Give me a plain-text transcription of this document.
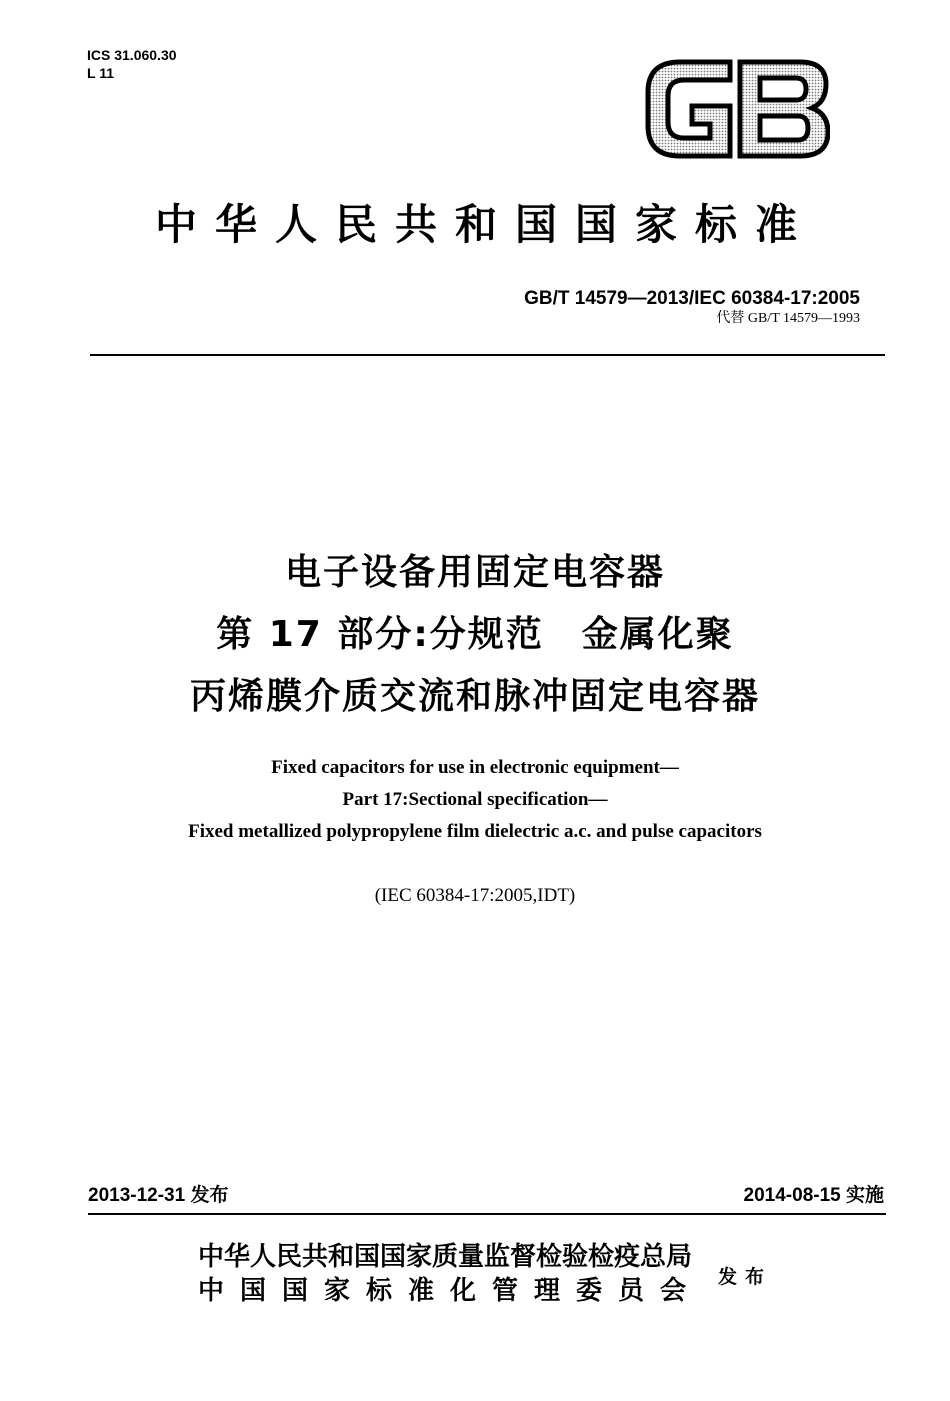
ICS 31.060.30
L 11
中华人民共和国国家标准
GB/T 14579—2013/IEC 60384-17:2005
代替 GB/T 14579—1993
电子设备用固定电容器
第 17 部分:分规范　金属化聚
丙烯膜介质交流和脉冲固定电容器
Fixed capacitors for use in electronic equipment—
Part 17:Sectional specification—
Fixed metallized polypropylene film dielectric a.c. and pulse capacitors
(IEC 60384-17:2005,IDT)
2013-12-31 发布	2014-08-15 实施
中华人民共和国国家质量监督检验检疫总局
中国国家标准化管理委员会 发布
